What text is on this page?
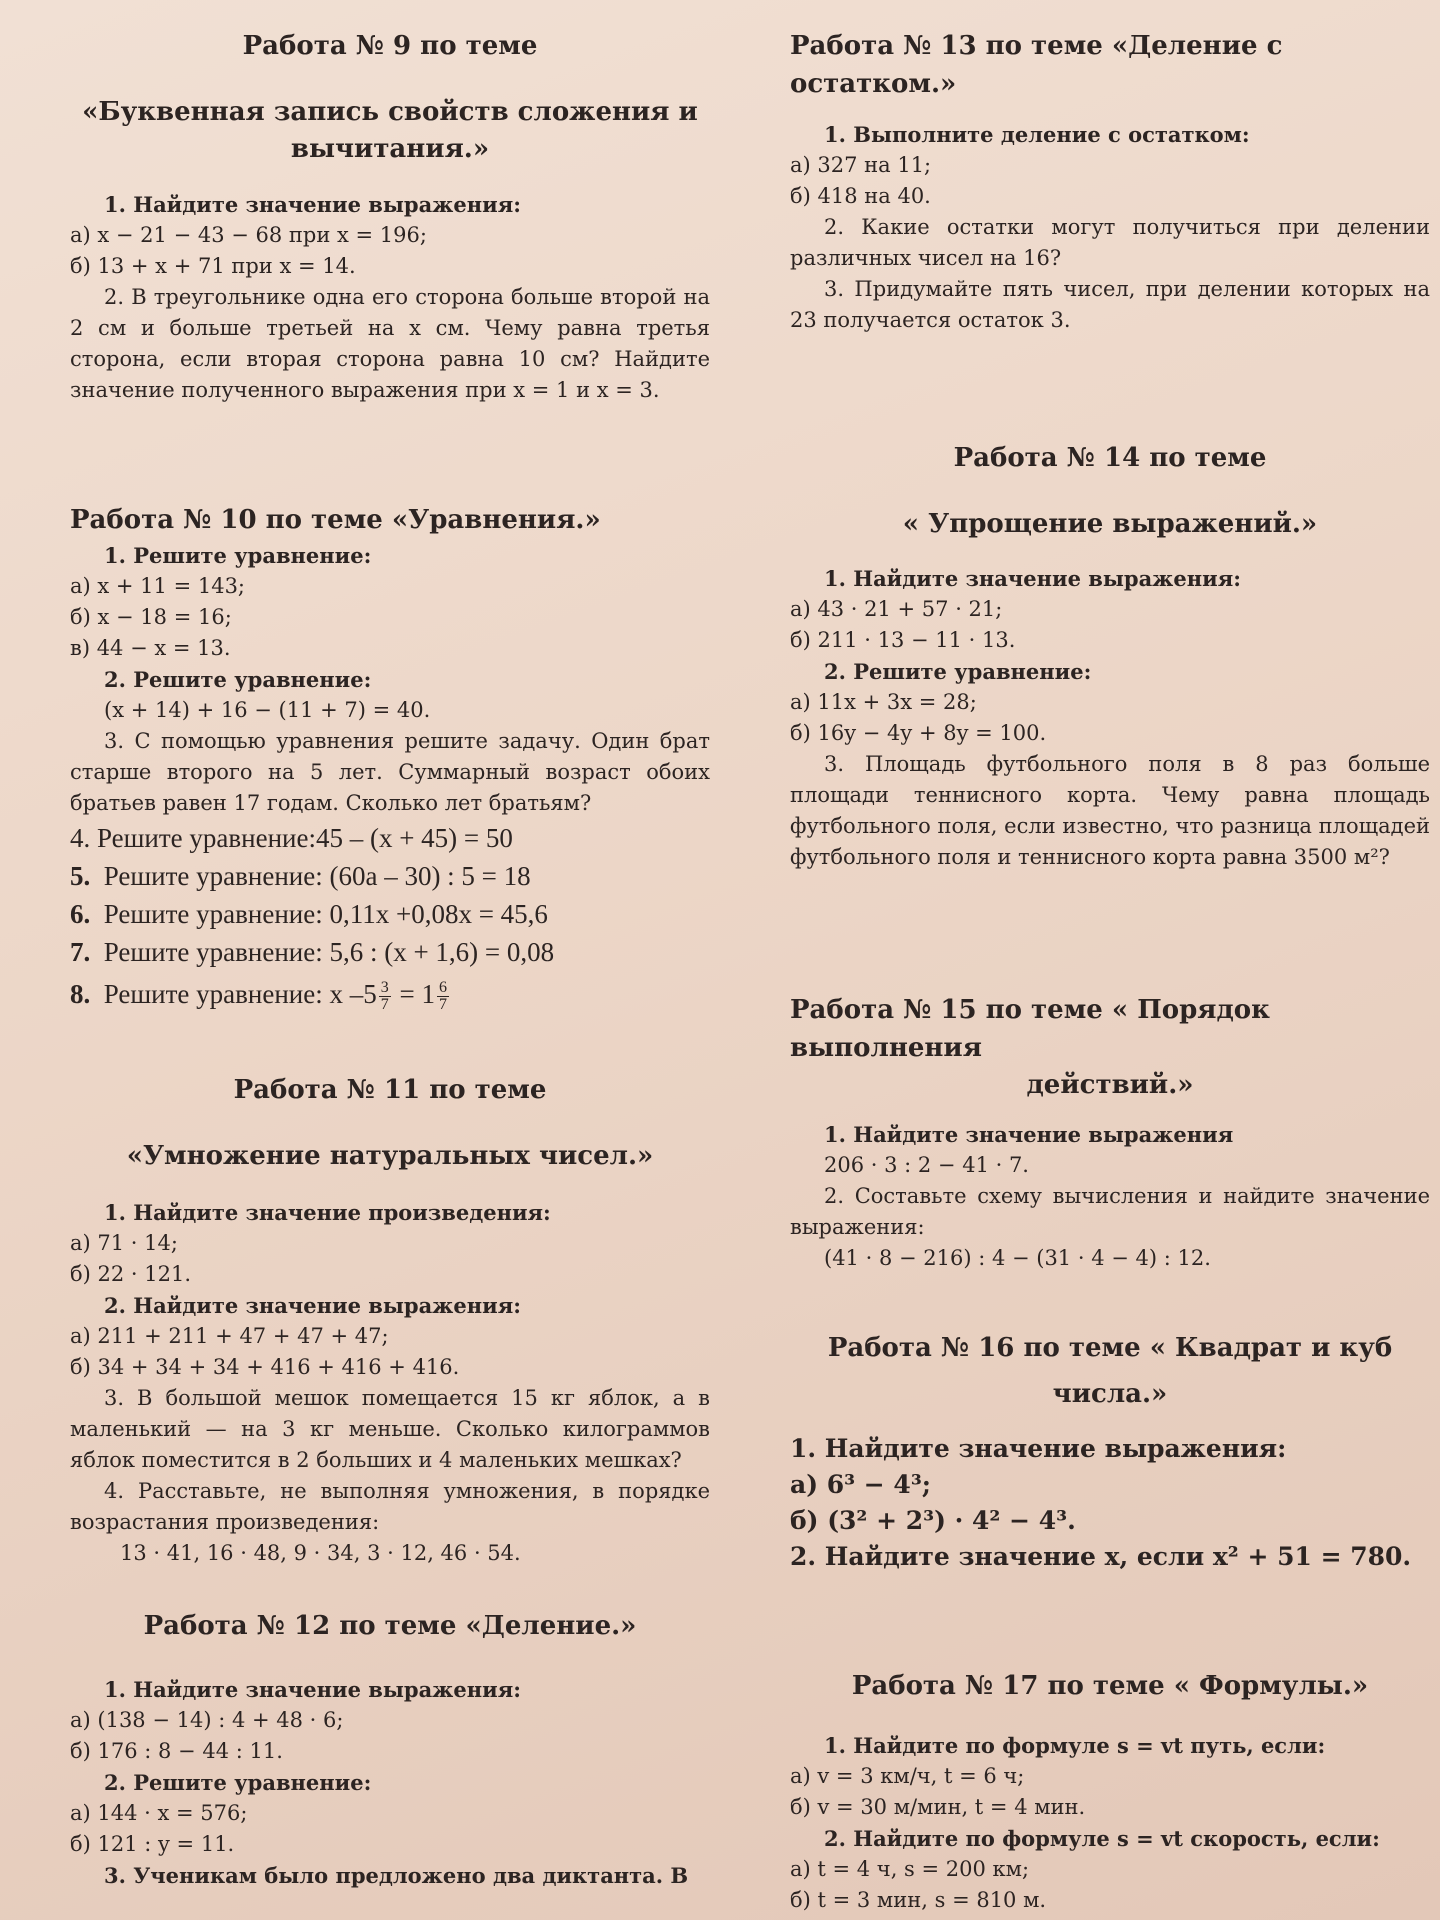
Работа № 9 по теме
«Буквенная запись свойств сложения и
вычитания.»
1. Найдите значение выражения:
а) x − 21 − 43 − 68 при x = 196;
б) 13 + x + 71 при x = 14.
2. В треугольнике одна его сторона больше второй на 2 см и больше третьей на x см. Чему равна третья сторона, если вторая сторона равна 10 см? Найдите значение полученного выражения при x = 1 и x = 3.
Работа № 10 по теме «Уравнения.»
1. Решите уравнение:
а) x + 11 = 143;
б) x − 18 = 16;
в) 44 − x = 13.
2. Решите уравнение:
(x + 14) + 16 − (11 + 7) = 40.
3. С помощью уравнения решите задачу. Один брат старше второго на 5 лет. Суммарный возраст обоих братьев равен 17 годам. Сколько лет братьям?
4. Решите уравнение:45 – (х + 45) = 50
5. Решите уравнение: (60а – 30) : 5 = 18
6. Решите уравнение: 0,11х +0,08х = 45,6
7. Решите уравнение: 5,6 : (х + 1,6) = 0,08
8. Решите уравнение: х $-5 \frac{3}{7} = 1 \frac{6}{7}$
Работа № 11 по теме
«Умножение натуральных чисел.»
1. Найдите значение произведения:
а) 71 · 14;
б) 22 · 121.
2. Найдите значение выражения:
а) 211 + 211 + 47 + 47 + 47;
б) 34 + 34 + 34 + 416 + 416 + 416.
3. В большой мешок помещается 15 кг яблок, а в маленький — на 3 кг меньше. Сколько килограммов яблок поместится в 2 больших и 4 маленьких мешках?
4. Расставьте, не выполняя умножения, в порядке возрастания произведения:
13 · 41, 16 · 48, 9 · 34, 3 · 12, 46 · 54.
Работа № 12 по теме «Деление.»
1. Найдите значение выражения:
а) (138 − 14) : 4 + 48 · 6;
б) 176 : 8 − 44 : 11.
2. Решите уравнение:
а) 144 · x = 576;
б) 121 : y = 11.
3. Ученикам было предложено два диктанта. В
Работа № 13 по теме «Деление с остатком.»
1. Выполните деление с остатком:
а) 327 на 11;
б) 418 на 40.
2. Какие остатки могут получиться при делении различных чисел на 16?
3. Придумайте пять чисел, при делении которых на 23 получается остаток 3.
Работа № 14 по теме
« Упрощение выражений.»
1. Найдите значение выражения:
а) 43 · 21 + 57 · 21;
б) 211 · 13 − 11 · 13.
2. Решите уравнение:
а) 11x + 3x = 28;
б) 16y − 4y + 8y = 100.
3. Площадь футбольного поля в 8 раз больше площади теннисного корта. Чему равна площадь футбольного поля, если известно, что разница площадей футбольного поля и теннисного корта равна 3500 м²?
Работа № 15 по теме « Порядок выполнения
действий.»
1. Найдите значение выражения
206 · 3 : 2 − 41 · 7.
2. Составьте схему вычисления и найдите значение выражения:
(41 · 8 − 216) : 4 − (31 · 4 − 4) : 12.
Работа № 16 по теме « Квадрат и куб
числа.»
1. Найдите значение выражения:
а) 6³ − 4³;
б) (3² + 2³) · 4² − 4³.
2. Найдите значение x, если x² + 51 = 780.
Работа № 17 по теме « Формулы.»
1. Найдите по формуле s = vt путь, если:
а) v = 3 км/ч, t = 6 ч;
б) v = 30 м/мин, t = 4 мин.
2. Найдите по формуле s = vt скорость, если:
а) t = 4 ч, s = 200 км;
б) t = 3 мин, s = 810 м.
